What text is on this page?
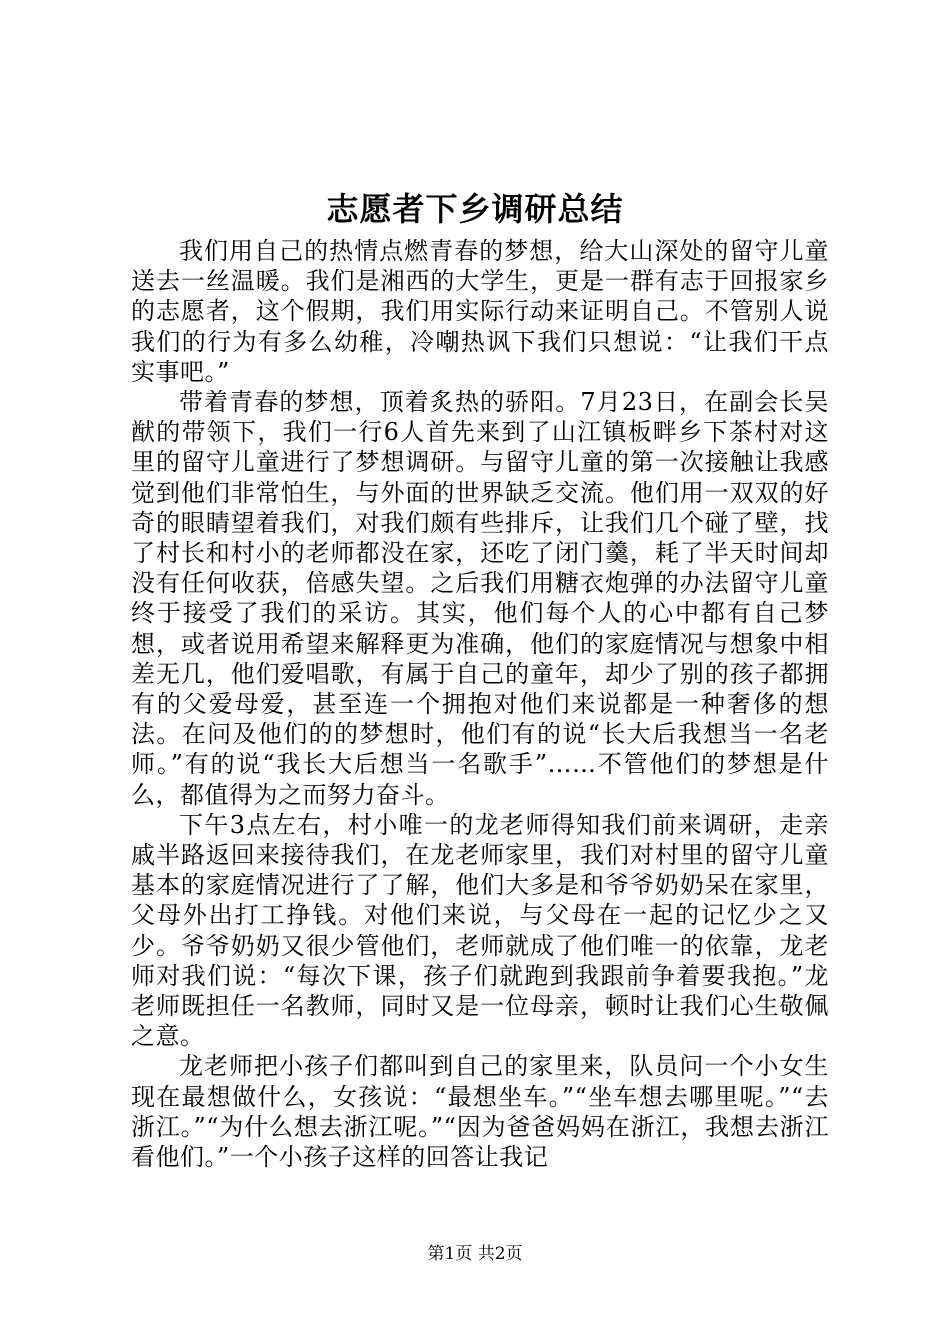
志愿者下乡调研总结

我们用自己的热情点燃青春的梦想，给大山深处的留守儿童送去一丝温暖。我们是湘西的大学生，更是一群有志于回报家乡的志愿者，这个假期，我们用实际行动来证明自己。不管别人说我们的行为有多么幼稚，冷嘲热讽下我们只想说：“让我们干点实事吧。”

带着青春的梦想，顶着炙热的骄阳。7月23日，在副会长吴猷的带领下，我们一行6人首先来到了山江镇板畔乡下茶村对这里的留守儿童进行了梦想调研。与留守儿童的第一次接触让我感觉到他们非常怕生，与外面的世界缺乏交流。他们用一双双的好奇的眼睛望着我们，对我们颇有些排斥，让我们几个碰了壁，找了村长和村小的老师都没在家，还吃了闭门羹，耗了半天时间却没有任何收获，倍感失望。之后我们用糖衣炮弹的办法留守儿童终于接受了我们的采访。其实，他们每个人的心中都有自己梦想，或者说用希望来解释更为准确，他们的家庭情况与想象中相差无几，他们爱唱歌，有属于自己的童年，却少了别的孩子都拥有的父爱母爱，甚至连一个拥抱对他们来说都是一种奢侈的想法。在问及他们的的梦想时，他们有的说“长大后我想当一名老师。”有的说“我长大后想当一名歌手”……不管他们的梦想是什么，都值得为之而努力奋斗。

下午3点左右，村小唯一的龙老师得知我们前来调研，走亲戚半路返回来接待我们，在龙老师家里，我们对村里的留守儿童基本的家庭情况进行了了解，他们大多是和爷爷奶奶呆在家里，父母外出打工挣钱。对他们来说，与父母在一起的记忆少之又少。爷爷奶奶又很少管他们，老师就成了他们唯一的依靠，龙老师对我们说：“每次下课，孩子们就跑到我跟前争着要我抱。”龙老师既担任一名教师，同时又是一位母亲，顿时让我们心生敬佩之意。

龙老师把小孩子们都叫到自己的家里来，队员问一个小女生现在最想做什么，女孩说：“最想坐车。”“坐车想去哪里呢。”“去浙江。”“为什么想去浙江呢。”“因为爸爸妈妈在浙江，我想去浙江看他们。”一个小孩子这样的回答让我记

第1页 共2页
